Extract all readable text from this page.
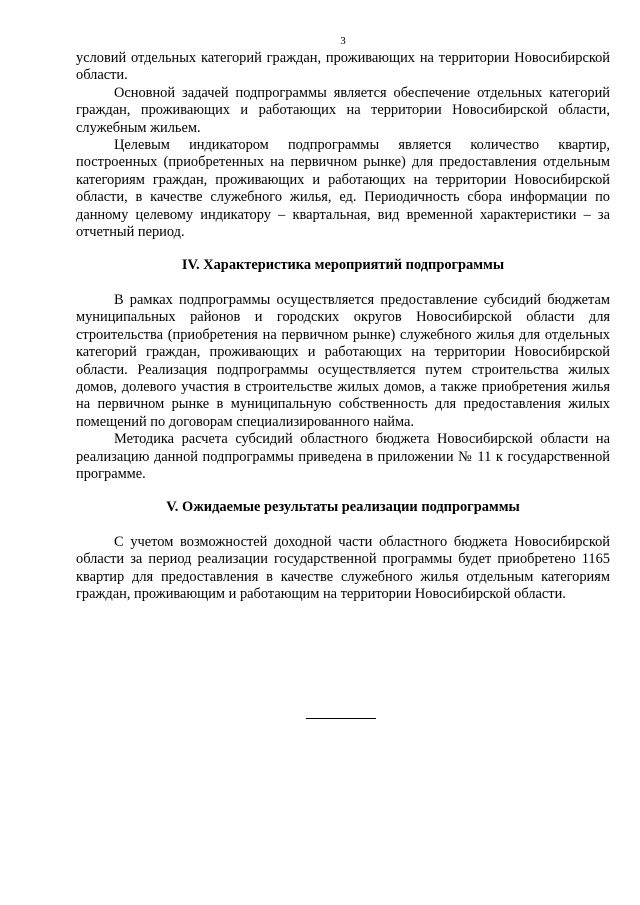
3

условий отдельных категорий граждан, проживающих на территории Новосибирской области.

Основной задачей подпрограммы является обеспечение отдельных категорий граждан, проживающих и работающих на территории Новосибирской области, служебным жильем.

Целевым индикатором подпрограммы является количество квартир, построенных (приобретенных на первичном рынке) для предоставления отдельным категориям граждан, проживающих и работающих на территории Новосибирской области, в качестве служебного жилья, ед. Периодичность сбора информации по данному целевому индикатору – квартальная, вид временной характеристики – за отчетный период.

IV. Характеристика мероприятий подпрограммы

В рамках подпрограммы осуществляется предоставление субсидий бюджетам муниципальных районов и городских округов Новосибирской области для строительства (приобретения на первичном рынке) служебного жилья для отдельных категорий граждан, проживающих и работающих на территории Новосибирской области. Реализация подпрограммы осуществляется путем строительства жилых домов, долевого участия в строительстве жилых домов, а также приобретения жилья на первичном рынке в муниципальную собственность для предоставления жилых помещений по договорам специализированного найма.

Методика расчета субсидий областного бюджета Новосибирской области на реализацию данной подпрограммы приведена в приложении № 11 к государственной программе.

V. Ожидаемые результаты реализации подпрограммы

С учетом возможностей доходной части областного бюджета Новосибирской области за период реализации государственной программы будет приобретено 1165 квартир для предоставления в качестве служебного жилья отдельным категориям граждан, проживающим и работающим на территории Новосибирской области.
